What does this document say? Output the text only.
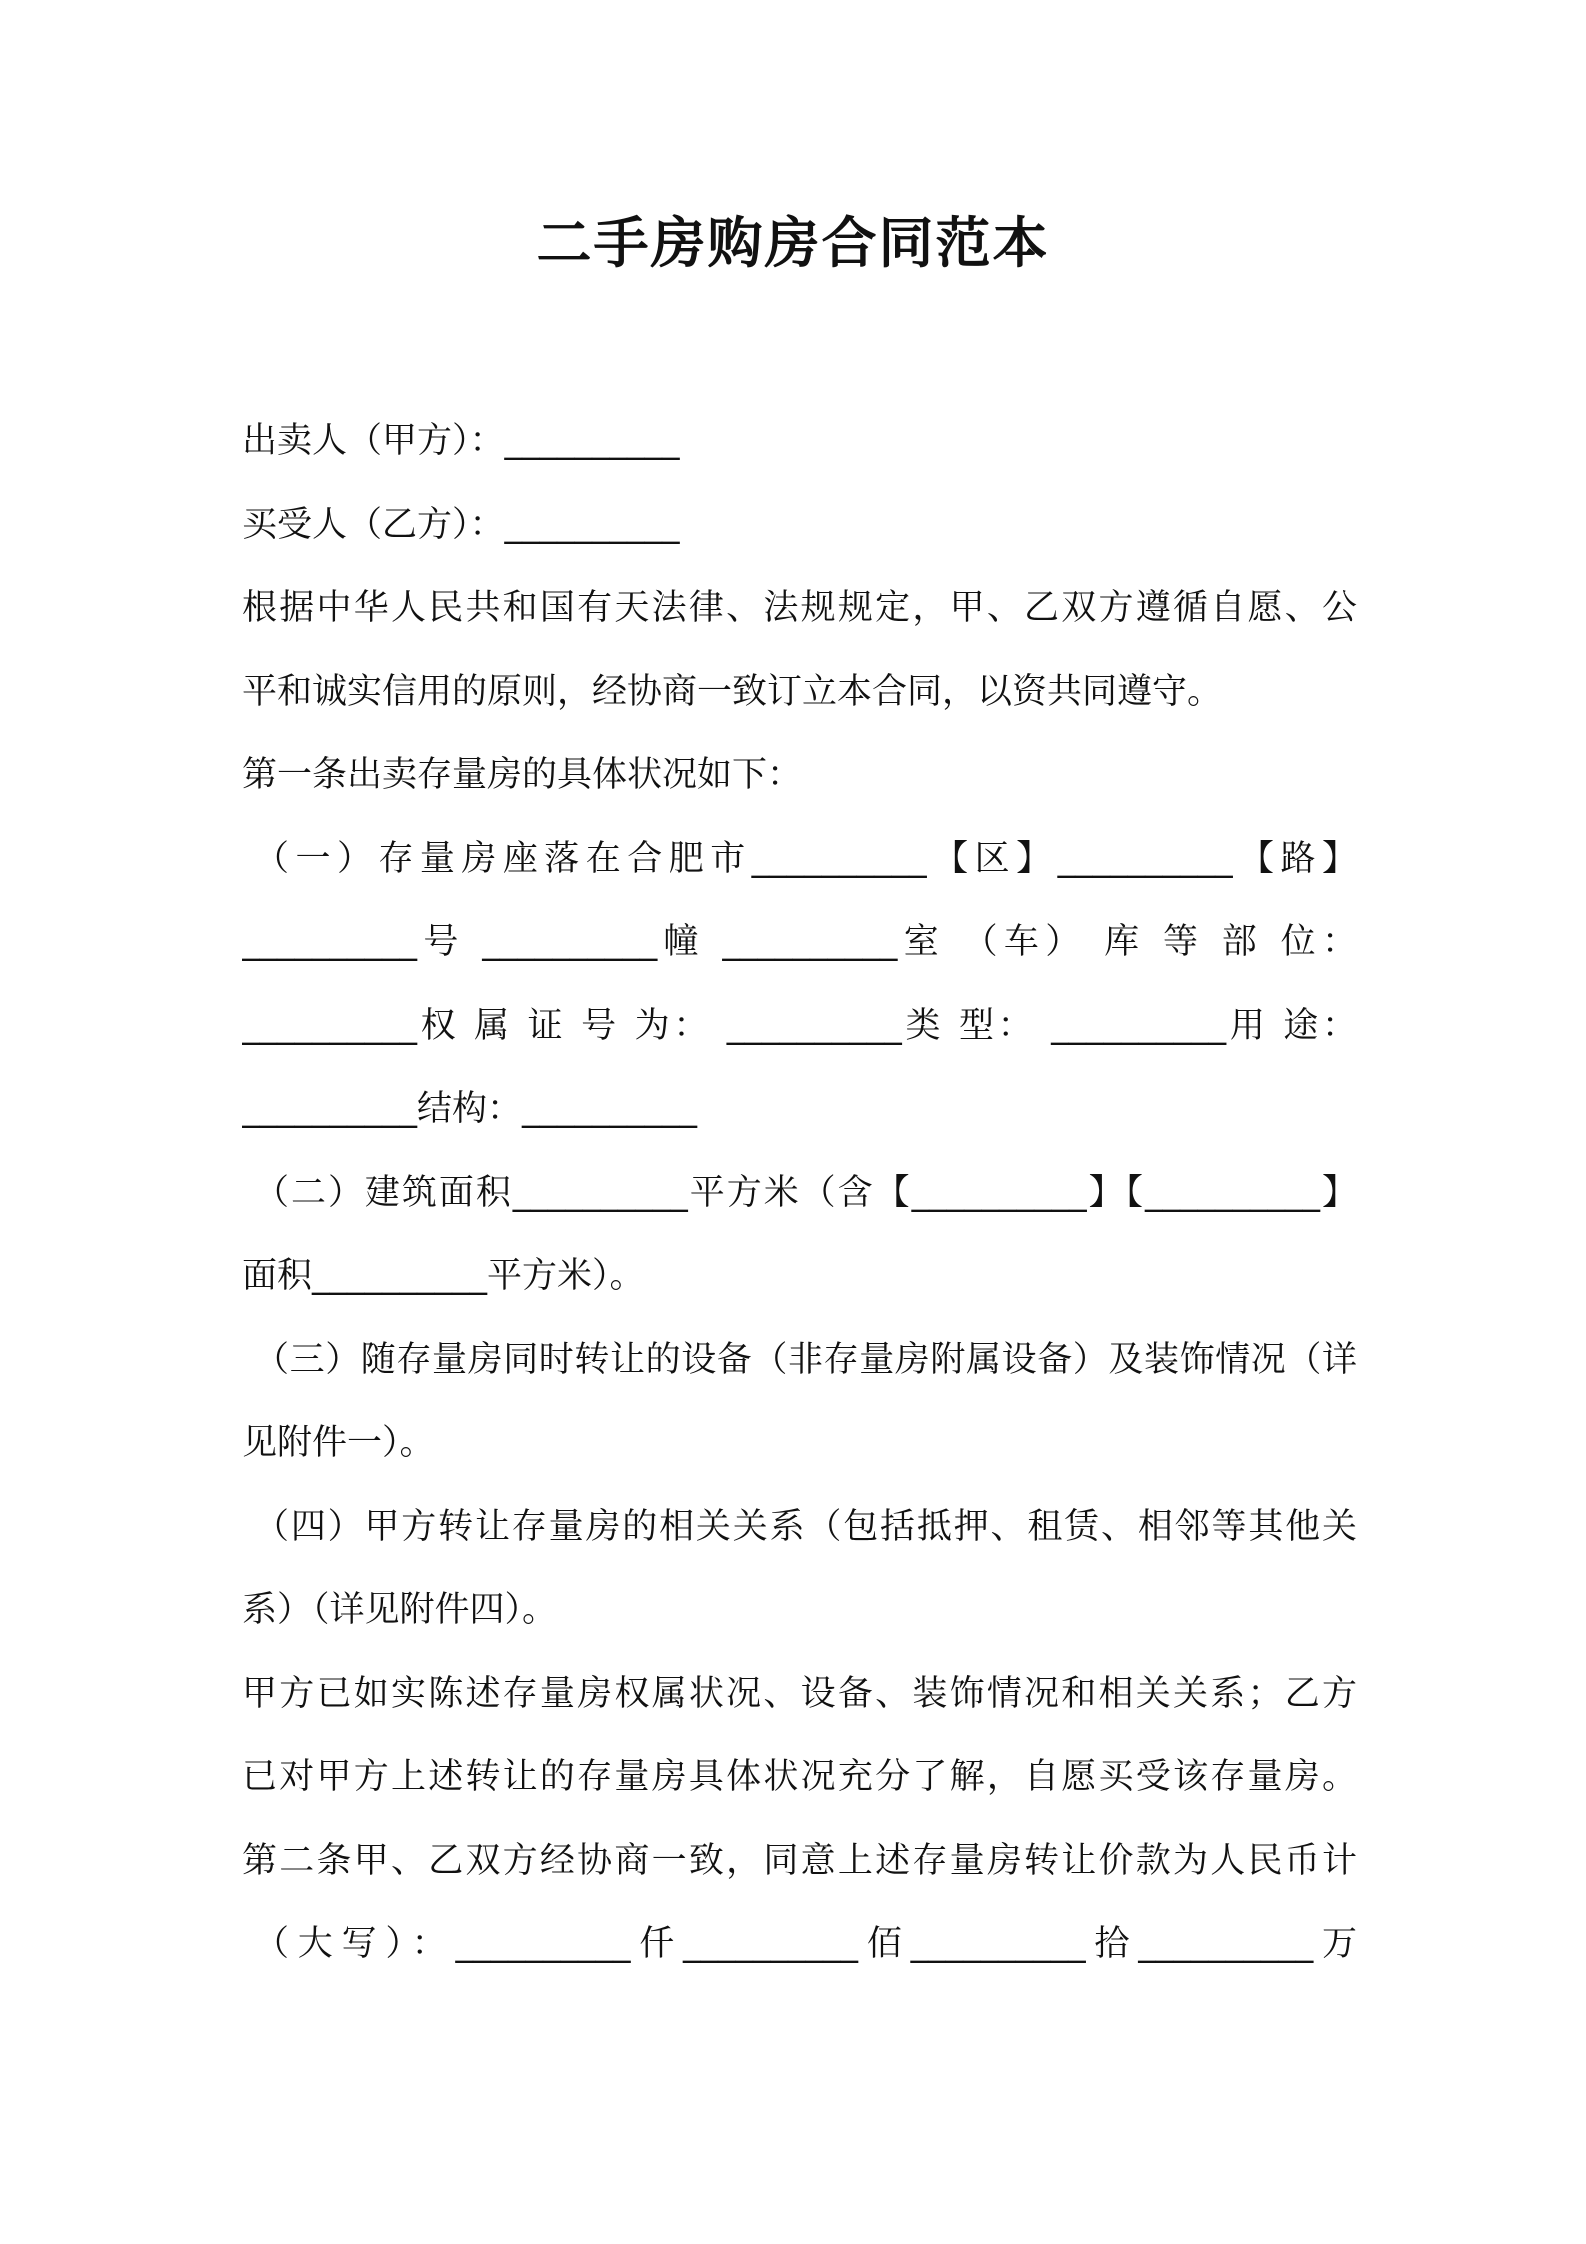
二手房购房合同范本
出卖人（甲方）：__________
买受人（乙方）：__________
根据中华人民共和国有天法律、法规规定，甲、乙双方遵循自愿、公
平和诚实信用的原则，经协商一致订立本合同，以资共同遵守。
第一条出卖存量房的具体状况如下：
（一）存量房座落在合肥市__________【区】__________【路】
__________号 __________幢 __________室 （车） 库 等 部 位：
__________权 属 证 号 为： __________类 型： __________用 途：
__________结构：__________
（二）建筑面积__________平方米（含【__________】【__________】
面积__________平方米）。
（三）随存量房同时转让的设备（非存量房附属设备）及装饰情况（详
见附件一）。
（四）甲方转让存量房的相关关系（包括抵押、租赁、相邻等其他关
系）（详见附件四）。
甲方已如实陈述存量房权属状况、设备、装饰情况和相关关系；乙方
已对甲方上述转让的存量房具体状况充分了解，自愿买受该存量房。
第二条甲、乙双方经协商一致，同意上述存量房转让价款为人民币计
（大写）：__________仟__________佰__________拾__________万
